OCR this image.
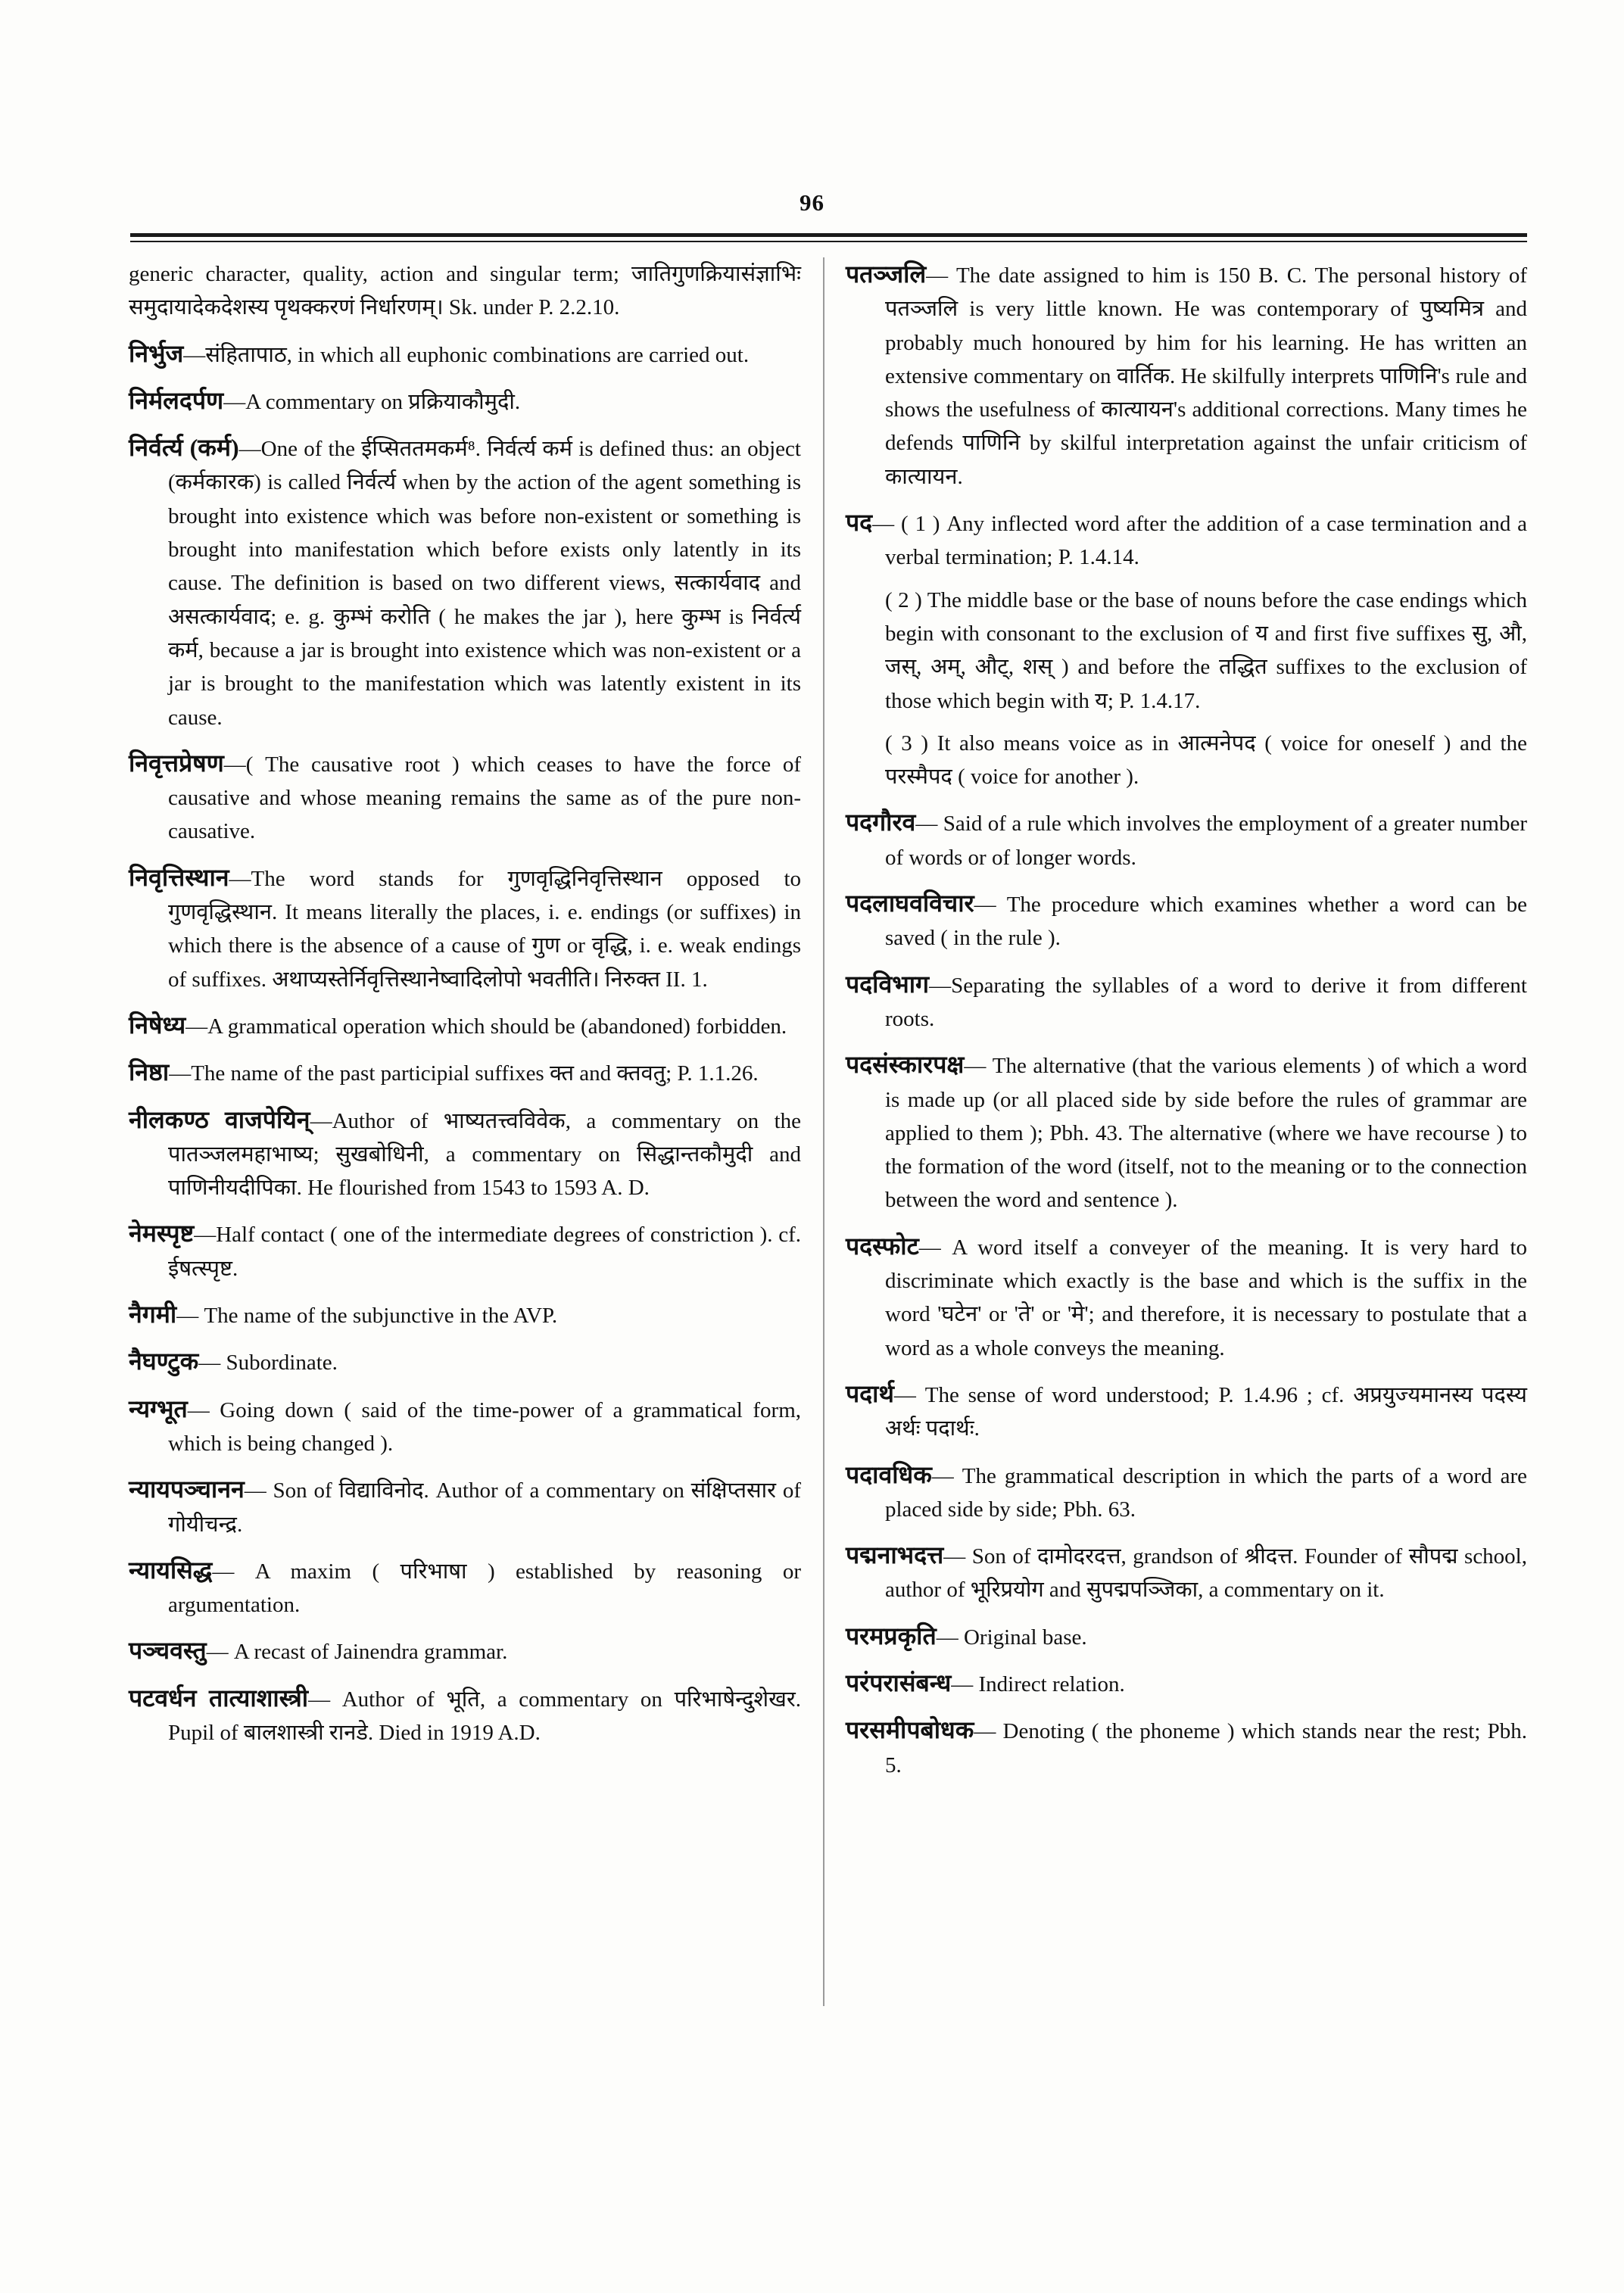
96

generic character, quality, action and singular term; जातिगुणक्रियासंज्ञाभिः समुदायादेकदेशस्य पृथक्करणं निर्धारणम्। Sk. under P. 2.2.10.

निर्भुज—संहितापाठ, in which all euphonic combinations are carried out.

निर्मलदर्पण—A commentary on प्रक्रियाकौमुदी.

निर्वर्त्य (कर्म)—One of the ईप्सिततमकर्म⁸. निर्वर्त्य कर्म is defined thus: an object (कर्मकारक) is called निर्वर्त्य when by the action of the agent something is brought into existence which was before non-existent or something is brought into manifestation which before exists only latently in its cause. The definition is based on two different views, सत्कार्यवाद and असत्कार्यवाद; e. g. कुम्भं करोति ( he makes the jar ), here कुम्भ is निर्वर्त्य कर्म, because a jar is brought into existence which was non-existent or a jar is brought to the manifestation which was latently existent in its cause.

निवृत्तप्रेषण—( The causative root ) which ceases to have the force of causative and whose meaning remains the same as of the pure non-causative.

निवृत्तिस्थान—The word stands for गुणवृद्धिनिवृत्तिस्थान opposed to गुणवृद्धिस्थान. It means literally the places, i. e. endings (or suffixes) in which there is the absence of a cause of गुण or वृद्धि, i. e. weak endings of suffixes. अथाप्यस्तेर्निवृत्तिस्थानेष्वादिलोपो भवतीति। निरुक्त II. 1.

निषेध्य—A grammatical operation which should be (abandoned) forbidden.

निष्ठा—The name of the past participial suffixes क्त and क्तवतु; P. 1.1.26.

नीलकण्ठ वाजपेयिन्—Author of भाष्यतत्त्वविवेक, a commentary on the पातञ्जलमहाभाष्य; सुखबोधिनी, a commentary on सिद्धान्तकौमुदी and पाणिनीयदीपिका. He flourished from 1543 to 1593 A. D.

नेमस्पृष्ट—Half contact ( one of the intermediate degrees of constriction ). cf. ईषत्स्पृष्ट.

नैगमी— The name of the subjunctive in the AVP.

नैघण्टुक— Subordinate.

न्यग्भूत— Going down ( said of the time-power of a grammatical form, which is being changed ).

न्यायपञ्चानन— Son of विद्याविनोद. Author of a commentary on संक्षिप्तसार of गोयीचन्द्र.

न्यायसिद्ध— A maxim ( परिभाषा ) established by reasoning or argumentation.

पञ्चवस्तु— A recast of Jainendra grammar.

पटवर्धन तात्याशास्त्री— Author of भूति, a commentary on परिभाषेन्दुशेखर. Pupil of बालशास्त्री रानडे. Died in 1919 A.D.

पतञ्जलि— The date assigned to him is 150 B. C. The personal history of पतञ्जलि is very little known. He was contemporary of पुष्यमित्र and probably much honoured by him for his learning. He has written an extensive commentary on वार्तिक. He skilfully interprets पाणिनि's rule and shows the usefulness of कात्यायन's additional corrections. Many times he defends पाणिनि by skilful interpretation against the unfair criticism of कात्यायन.

पद— ( 1 ) Any inflected word after the addition of a case termination and a verbal termination; P. 1.4.14.

( 2 ) The middle base or the base of nouns before the case endings which begin with consonant to the exclusion of य and first five suffixes सु, औ, जस्, अम्, औट्, शस् ) and before the तद्धित suffixes to the exclusion of those which begin with य; P. 1.4.17.

( 3 ) It also means voice as in आत्मनेपद ( voice for oneself ) and the परस्मैपद ( voice for another ).

पदगौरव— Said of a rule which involves the employment of a greater number of words or of longer words.

पदलाघवविचार— The procedure which examines whether a word can be saved ( in the rule ).

पदविभाग—Separating the syllables of a word to derive it from different roots.

पदसंस्कारपक्ष— The alternative (that the various elements ) of which a word is made up (or all placed side by side before the rules of grammar are applied to them ); Pbh. 43. The alternative (where we have recourse ) to the formation of the word (itself, not to the meaning or to the connection between the word and sentence ).

पदस्फोट— A word itself a conveyer of the meaning. It is very hard to discriminate which exactly is the base and which is the suffix in the word 'घटेन' or 'ते' or 'मे'; and therefore, it is necessary to postulate that a word as a whole conveys the meaning.

पदार्थ— The sense of word understood; P. 1.4.96 ; cf. अप्रयुज्यमानस्य पदस्य अर्थः पदार्थः.

पदावधिक— The grammatical description in which the parts of a word are placed side by side; Pbh. 63.

पद्मनाभदत्त— Son of दामोदरदत्त, grandson of श्रीदत्त. Founder of सौपद्म school, author of भूरिप्रयोग and सुपद्मपञ्जिका, a commentary on it.

परमप्रकृति— Original base.

परंपरासंबन्ध— Indirect relation.

परसमीपबोधक— Denoting ( the phoneme ) which stands near the rest; Pbh. 5.
